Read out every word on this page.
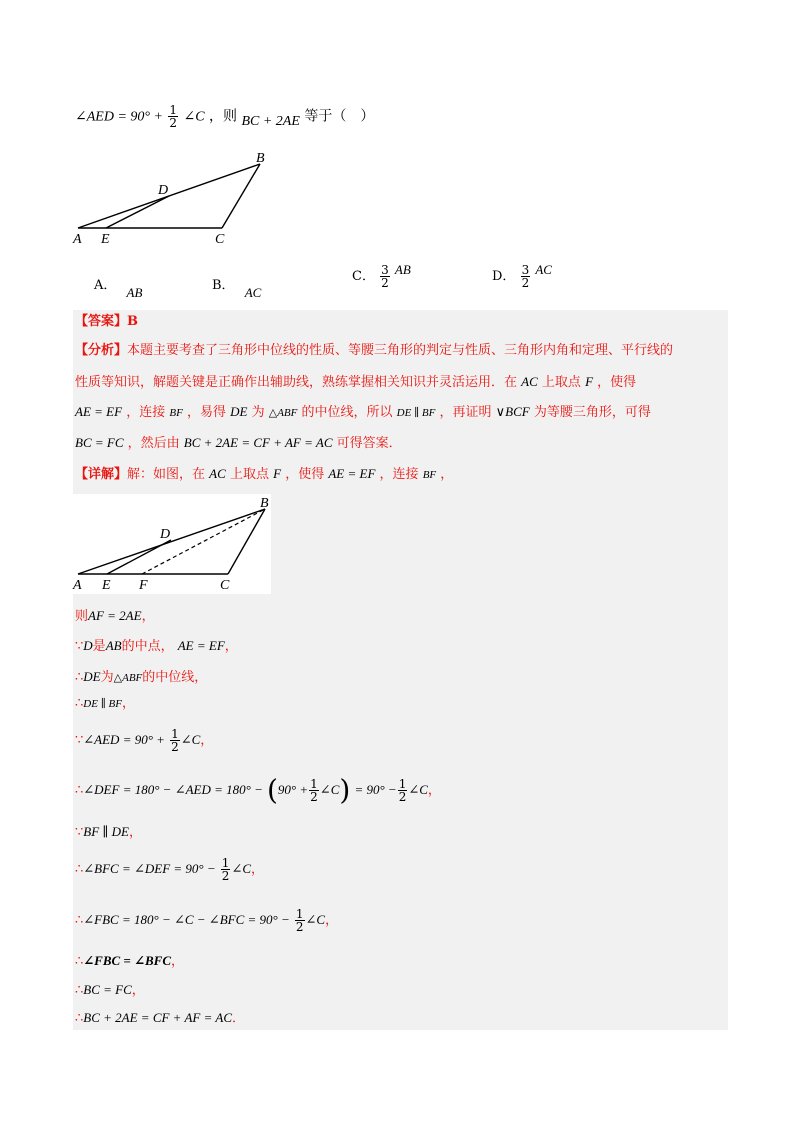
∠AED = $90^\circ + \frac{1}{2}$ ∠C ，则 BC + 2AE 等于（　）
B
D
A E	C
A． AB	B． AC
C． $\frac{3}{2}$ AB	D． $\frac{3}{2}$ AC
【答案】B
【分析】本题主要考查了三角形中位线的性质、等腰三角形的判定与性质、三角形内角和定理、平行线的
性质等知识，解题关键是正确作出辅助线，熟练掌握相关知识并灵活运用．在 AC 上取点 F ，使得
AE = EF ，连接 BF ，易得 DE 为 △ABF 的中位线，所以 DE ∥ BF ，再证明 ∨BCF 为等腰三角形，可得
BC = FC ，然后由 BC + 2AE = CF + AF = AC 可得答案．
【详解】解：如图，在 AC 上取点 F ，使得 AE = EF ，连接 BF ，
B
D
A E F	C
则AF = 2AE，
∵D是AB的中点， AE = EF，
∴DE为△ABF的中位线，
∴DE ∥ BF，
∵∠AED = $90^\circ + \frac{1}{2}$ ∠C，
∴∠DEF = 180° − ∠AED = $180^\circ - (90^\circ + \frac{1}{2}$ ∠C) = $90^\circ - \frac{1}{2}$ ∠C，
∵BF ∥ DE，
∴∠BFC = ∠DEF = $90^\circ - \frac{1}{2}$ ∠C，
∴∠FBC = 180° − ∠C − ∠BFC = $90^\circ - \frac{1}{2}$ ∠C，
∴∠FBC = ∠BFC，
∴BC = FC，
∴BC + 2AE = CF + AF = AC．
